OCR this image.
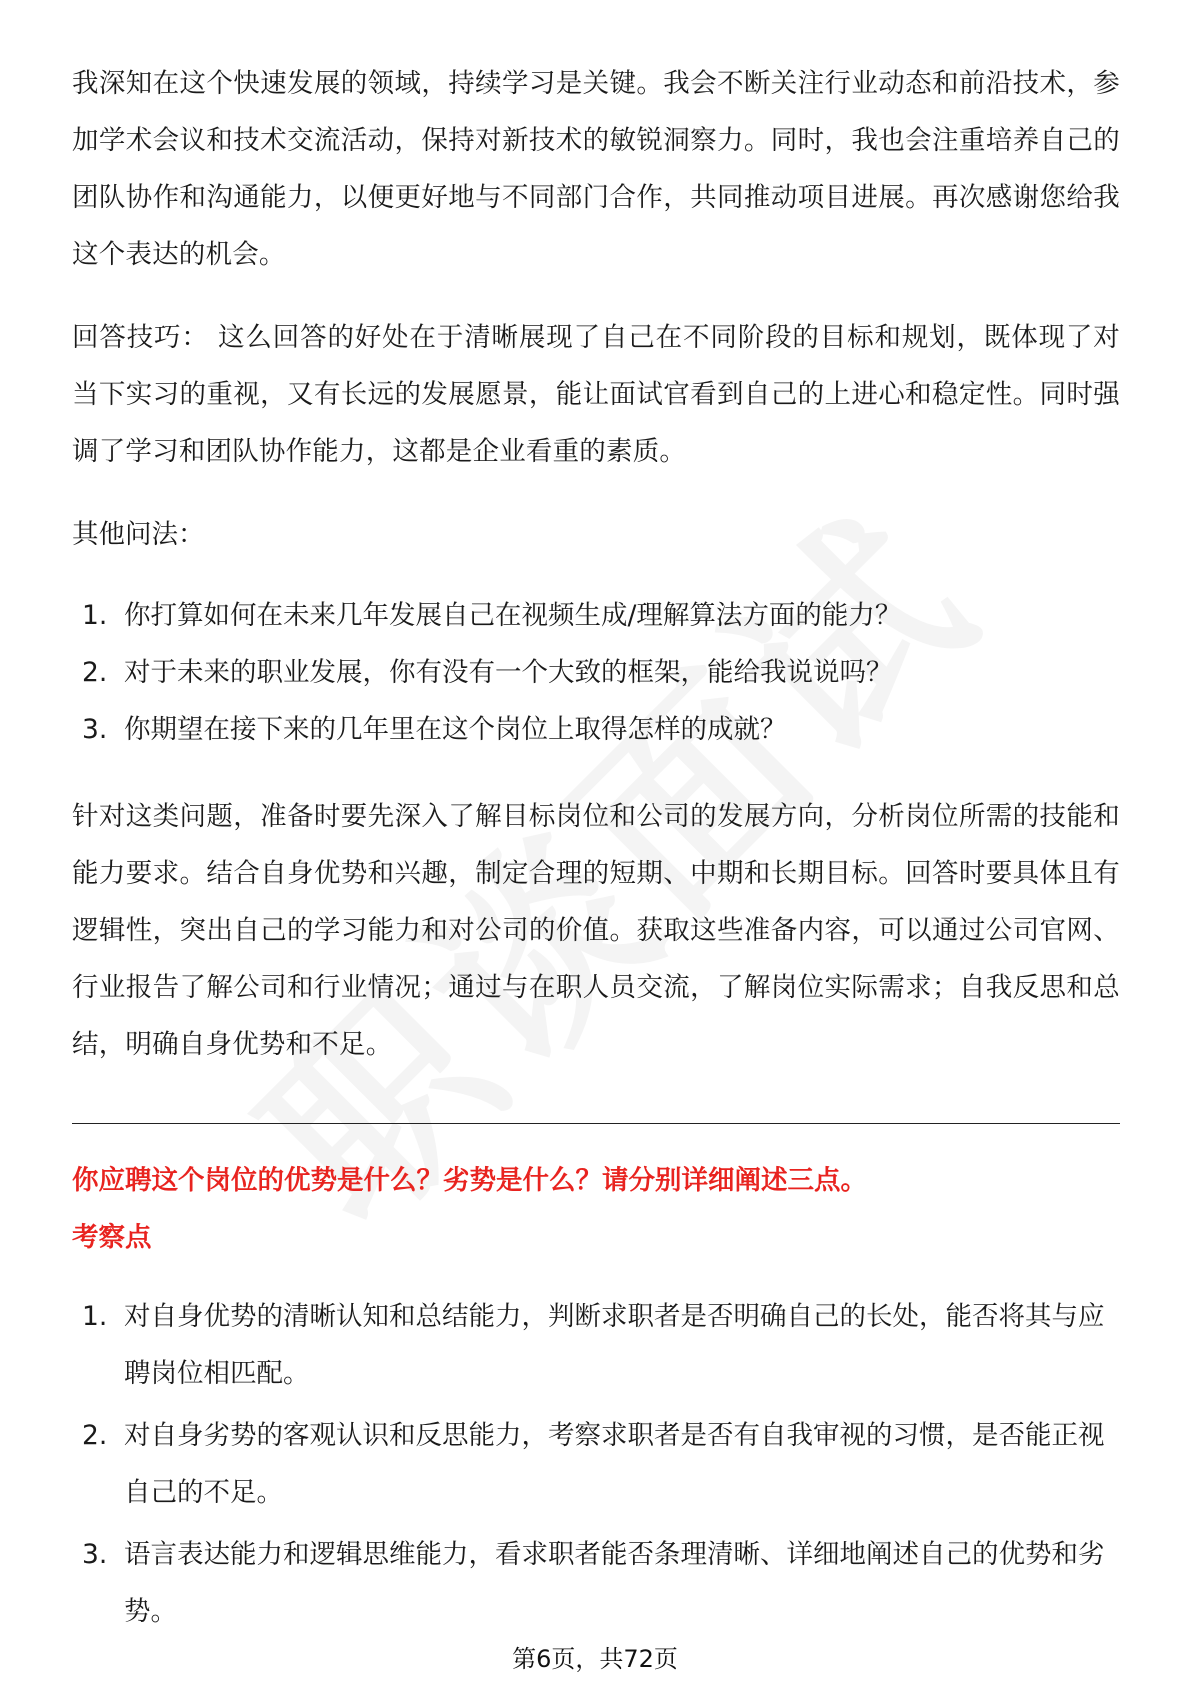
我深知在这个快速发展的领域，持续学习是关键。我会不断关注行业动态和前沿技术，参加学术会议和技术交流活动，保持对新技术的敏锐洞察力。同时，我也会注重培养自己的团队协作和沟通能力，以便更好地与不同部门合作，共同推动项目进展。再次感谢您给我这个表达的机会。

回答技巧： 这么回答的好处在于清晰展现了自己在不同阶段的目标和规划，既体现了对当下实习的重视，又有长远的发展愿景，能让面试官看到自己的上进心和稳定性。同时强调了学习和团队协作能力，这都是企业看重的素质。

其他问法：

1. 你打算如何在未来几年发展自己在视频生成/理解算法方面的能力？
2. 对于未来的职业发展，你有没有一个大致的框架，能给我说说吗？
3. 你期望在接下来的几年里在这个岗位上取得怎样的成就？

针对这类问题，准备时要先深入了解目标岗位和公司的发展方向，分析岗位所需的技能和能力要求。结合自身优势和兴趣，制定合理的短期、中期和长期目标。回答时要具体且有逻辑性，突出自己的学习能力和对公司的价值。获取这些准备内容，可以通过公司官网、行业报告了解公司和行业情况；通过与在职人员交流，了解岗位实际需求；自我反思和总结，明确自身优势和不足。

你应聘这个岗位的优势是什么？劣势是什么？请分别详细阐述三点。

考察点

1. 对自身优势的清晰认知和总结能力，判断求职者是否明确自己的长处，能否将其与应聘岗位相匹配。
2. 对自身劣势的客观认识和反思能力，考察求职者是否有自我审视的习惯，是否能正视自己的不足。
3. 语言表达能力和逻辑思维能力，看求职者能否条理清晰、详细地阐述自己的优势和劣势。
第6页，共72页
